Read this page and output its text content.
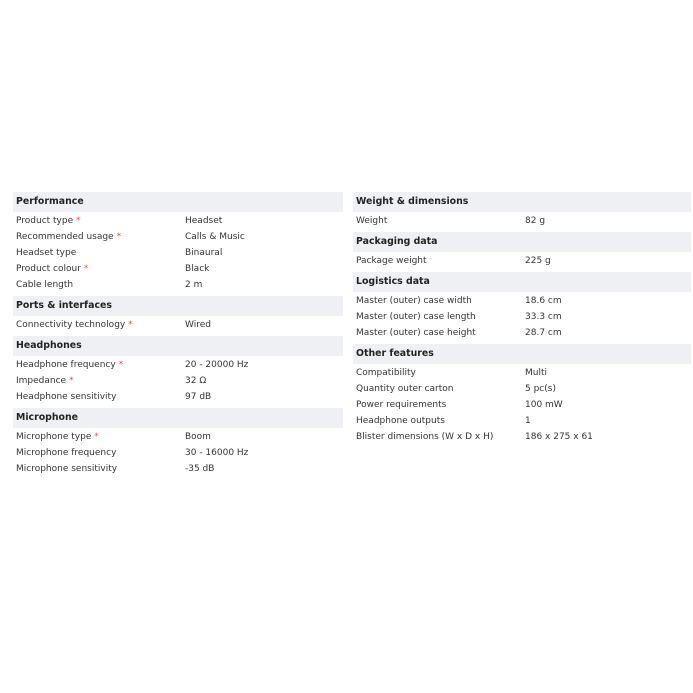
Performance
Product type *	Headset
Recommended usage *	Calls & Music
Headset type	Binaural
Product colour *	Black
Cable length	2 m
Ports & interfaces
Connectivity technology *	Wired
Headphones
Headphone frequency *	20 - 20000 Hz
Impedance *	32 Ω
Headphone sensitivity	97 dB
Microphone
Microphone type *	Boom
Microphone frequency	30 - 16000 Hz
Microphone sensitivity	-35 dB
Weight & dimensions
Weight	82 g
Packaging data
Package weight	225 g
Logistics data
Master (outer) case width	18.6 cm
Master (outer) case length	33.3 cm
Master (outer) case height	28.7 cm
Other features
Compatibility	Multi
Quantity outer carton	5 pc(s)
Power requirements	100 mW
Headphone outputs	1
Blister dimensions (W x D x H)	186 x 275 x 61
